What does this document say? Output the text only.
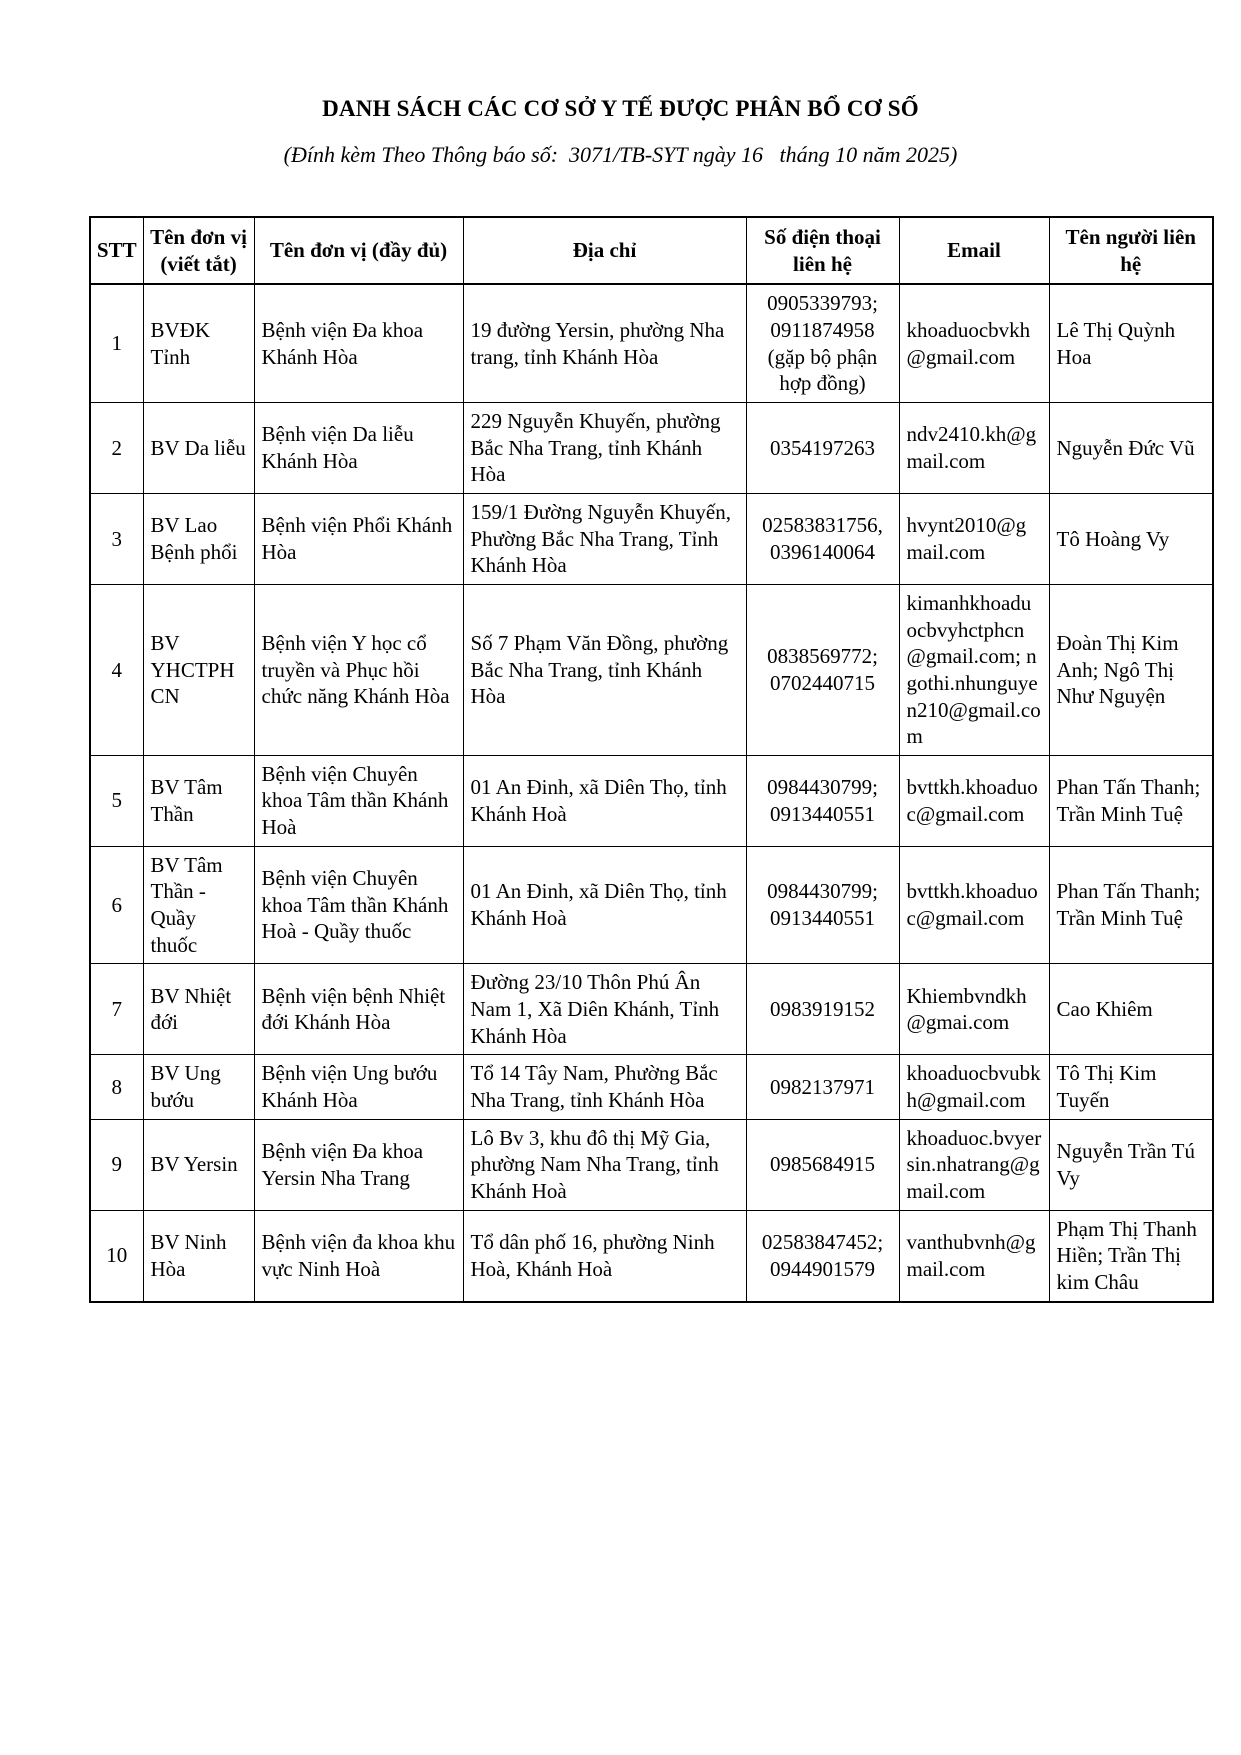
DANH SÁCH CÁC CƠ SỞ Y TẾ ĐƯỢC PHÂN BỔ CƠ SỐ
(Đính kèm Theo Thông báo số:  3071/TB-SYT ngày 16   tháng 10 năm 2025)
STT	Tên đơn vị (viết tắt)	Tên đơn vị (đầy đủ)	Địa chỉ	Số điện thoại liên hệ	Email	Tên người liên hệ
1	BVĐK Tỉnh	Bệnh viện Đa khoa Khánh Hòa	19 đường Yersin, phường Nha trang, tỉnh Khánh Hòa	0905339793; 0911874958 (gặp bộ phận hợp đồng)	khoaduocbvkh@gmail.com	Lê Thị Quỳnh Hoa
2	BV Da liễu	Bệnh viện Da liễu Khánh Hòa	229 Nguyễn Khuyến, phường Bắc Nha Trang, tỉnh Khánh Hòa	0354197263	ndv2410.kh@gmail.com	Nguyễn Đức Vũ
3	BV Lao Bệnh phổi	Bệnh viện Phổi Khánh Hòa	159/1 Đường Nguyễn Khuyến, Phường Bắc Nha Trang, Tỉnh Khánh Hòa	02583831756, 0396140064	hvynt2010@gmail.com	Tô Hoàng Vy
4	BV YHCTPHCN	Bệnh viện Y học cổ truyền và Phục hồi chức năng Khánh Hòa	Số 7 Phạm Văn Đồng, phường Bắc Nha Trang, tỉnh Khánh Hòa	0838569772; 0702440715	kimanhkhoaduocbvyhctphcn@gmail.com; ngothi.nhunguyen210@gmail.com	Đoàn Thị Kim Anh; Ngô Thị Như Nguyện
5	BV Tâm Thần	Bệnh viện Chuyên khoa Tâm thần Khánh Hoà	01 An Đinh, xã Diên Thọ, tỉnh Khánh Hoà	0984430799; 0913440551	bvttkh.khoaduoc@gmail.com	Phan Tấn Thanh; Trần Minh Tuệ
6	BV Tâm Thần - Quầy thuốc	Bệnh viện Chuyên khoa Tâm thần Khánh Hoà - Quầy thuốc	01 An Đinh, xã Diên Thọ, tỉnh Khánh Hoà	0984430799; 0913440551	bvttkh.khoaduoc@gmail.com	Phan Tấn Thanh; Trần Minh Tuệ
7	BV Nhiệt đới	Bệnh viện bệnh Nhiệt đới Khánh Hòa	Đường 23/10 Thôn Phú Ân Nam 1, Xã Diên Khánh, Tỉnh Khánh Hòa	0983919152	Khiembvndkh@gmai.com	Cao Khiêm
8	BV Ung bướu	Bệnh viện Ung bướu Khánh Hòa	Tổ 14 Tây Nam, Phường Bắc Nha Trang, tỉnh Khánh Hòa	0982137971	khoaduocbvubkh@gmail.com	Tô Thị Kim Tuyến
9	BV Yersin	Bệnh viện Đa khoa Yersin Nha Trang	Lô Bv 3, khu đô thị Mỹ Gia, phường Nam Nha Trang, tỉnh Khánh Hoà	0985684915	khoaduoc.bvyersin.nhatrang@gmail.com	Nguyễn Trần Tú Vy
10	BV Ninh Hòa	Bệnh viện đa khoa khu vực Ninh Hoà	Tổ dân phố 16, phường Ninh Hoà, Khánh Hoà	02583847452; 0944901579	vanthubvnh@gmail.com	Phạm Thị Thanh Hiền; Trần Thị kim Châu
